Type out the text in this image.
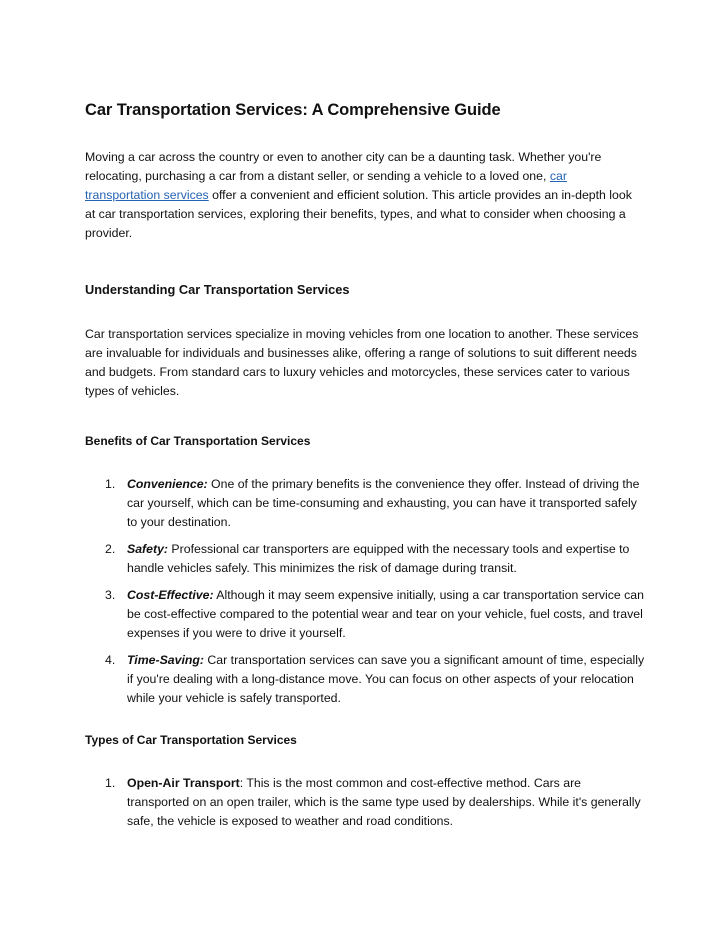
Car Transportation Services: A Comprehensive Guide

Moving a car across the country or even to another city can be a daunting task. Whether you're relocating, purchasing a car from a distant seller, or sending a vehicle to a loved one, car transportation services offer a convenient and efficient solution. This article provides an in-depth look at car transportation services, exploring their benefits, types, and what to consider when choosing a provider.

Understanding Car Transportation Services

Car transportation services specialize in moving vehicles from one location to another. These services are invaluable for individuals and businesses alike, offering a range of solutions to suit different needs and budgets. From standard cars to luxury vehicles and motorcycles, these services cater to various types of vehicles.

Benefits of Car Transportation Services
1. Convenience: One of the primary benefits is the convenience they offer. Instead of driving the car yourself, which can be time-consuming and exhausting, you can have it transported safely to your destination.
2. Safety: Professional car transporters are equipped with the necessary tools and expertise to handle vehicles safely. This minimizes the risk of damage during transit.
3. Cost-Effective: Although it may seem expensive initially, using a car transportation service can be cost-effective compared to the potential wear and tear on your vehicle, fuel costs, and travel expenses if you were to drive it yourself.
4. Time-Saving: Car transportation services can save you a significant amount of time, especially if you're dealing with a long-distance move. You can focus on other aspects of your relocation while your vehicle is safely transported.
Types of Car Transportation Services
1. Open-Air Transport: This is the most common and cost-effective method. Cars are transported on an open trailer, which is the same type used by dealerships. While it's generally safe, the vehicle is exposed to weather and road conditions.
